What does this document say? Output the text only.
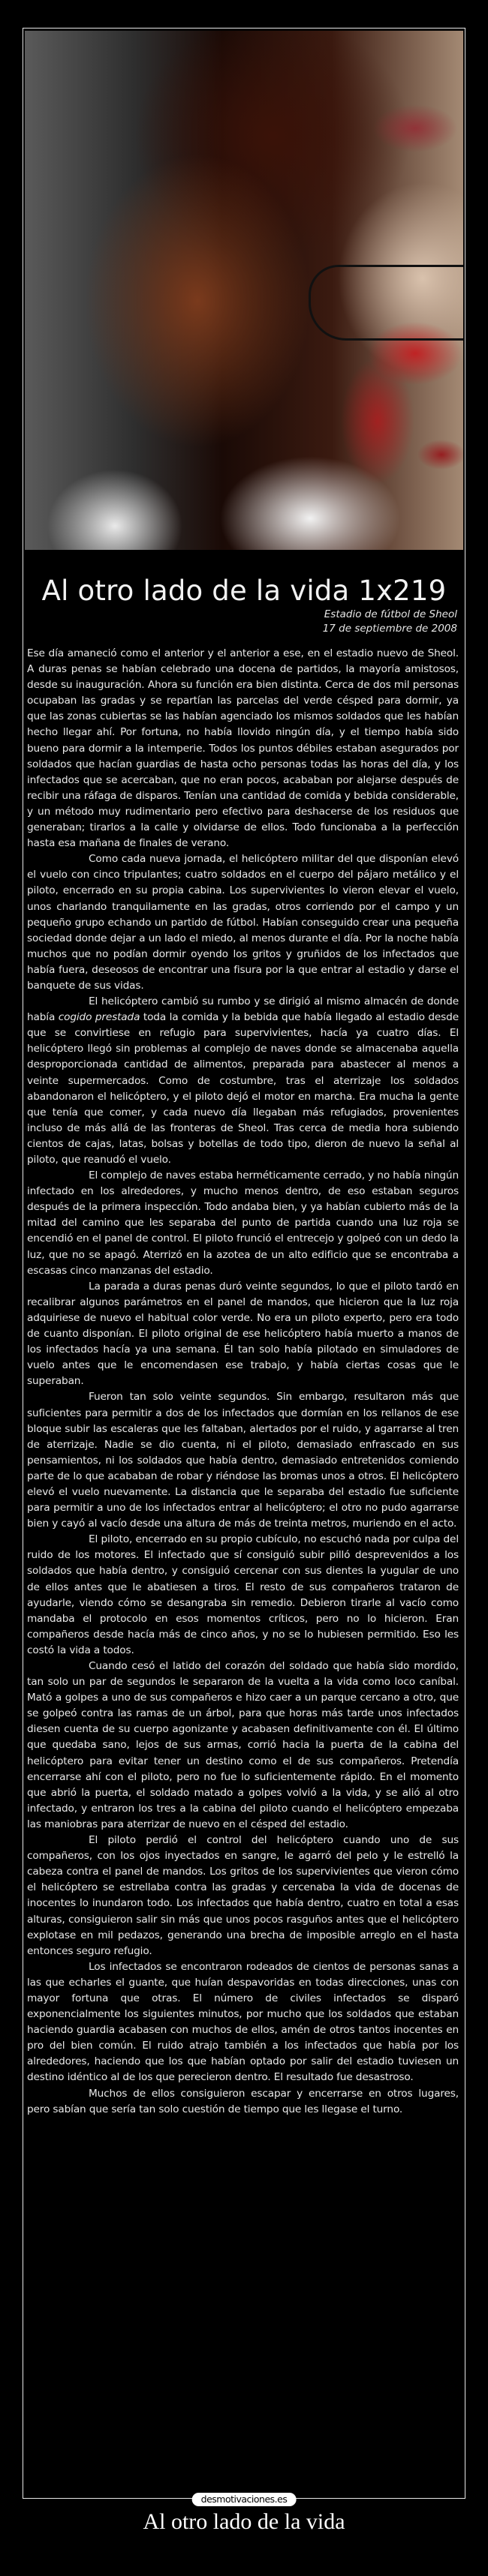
Al otro lado de la vida 1x219
Estadio de fútbol de Sheol
17 de septiembre de 2008

Ese día amaneció como el anterior y el anterior a ese, en el estadio nuevo de Sheol. A duras penas se habían celebrado una docena de partidos, la mayoría amistosos, desde su inauguración. Ahora su función era bien distinta. Cerca de dos mil personas ocupaban las gradas y se repartían las parcelas del verde césped para dormir, ya que las zonas cubiertas se las habían agenciado los mismos soldados que les habían hecho llegar ahí. Por fortuna, no había llovido ningún día, y el tiempo había sido bueno para dormir a la intemperie. Todos los puntos débiles estaban asegurados por soldados que hacían guardias de hasta ocho personas todas las horas del día, y los infectados que se acercaban, que no eran pocos, acababan por alejarse después de recibir una ráfaga de disparos. Tenían una cantidad de comida y bebida considerable, y un método muy rudimentario pero efectivo para deshacerse de los residuos que generaban; tirarlos a la calle y olvidarse de ellos. Todo funcionaba a la perfección hasta esa mañana de finales de verano.

Como cada nueva jornada, el helicóptero militar del que disponían elevó el vuelo con cinco tripulantes; cuatro soldados en el cuerpo del pájaro metálico y el piloto, encerrado en su propia cabina. Los supervivientes lo vieron elevar el vuelo, unos charlando tranquilamente en las gradas, otros corriendo por el campo y un pequeño grupo echando un partido de fútbol. Habían conseguido crear una pequeña sociedad donde dejar a un lado el miedo, al menos durante el día. Por la noche había muchos que no podían dormir oyendo los gritos y gruñidos de los infectados que había fuera, deseosos de encontrar una fisura por la que entrar al estadio y darse el banquete de sus vidas.

El helicóptero cambió su rumbo y se dirigió al mismo almacén de donde había cogido prestada toda la comida y la bebida que había llegado al estadio desde que se convirtiese en refugio para supervivientes, hacía ya cuatro días. El helicóptero llegó sin problemas al complejo de naves donde se almacenaba aquella desproporcionada cantidad de alimentos, preparada para abastecer al menos a veinte supermercados. Como de costumbre, tras el aterrizaje los soldados abandonaron el helicóptero, y el piloto dejó el motor en marcha. Era mucha la gente que tenía que comer, y cada nuevo día llegaban más refugiados, provenientes incluso de más allá de las fronteras de Sheol. Tras cerca de media hora subiendo cientos de cajas, latas, bolsas y botellas de todo tipo, dieron de nuevo la señal al piloto, que reanudó el vuelo.

El complejo de naves estaba herméticamente cerrado, y no había ningún infectado en los alrededores, y mucho menos dentro, de eso estaban seguros después de la primera inspección. Todo andaba bien, y ya habían cubierto más de la mitad del camino que les separaba del punto de partida cuando una luz roja se encendió en el panel de control. El piloto frunció el entrecejo y golpeó con un dedo la luz, que no se apagó. Aterrizó en la azotea de un alto edificio que se encontraba a escasas cinco manzanas del estadio.

La parada a duras penas duró veinte segundos, lo que el piloto tardó en recalibrar algunos parámetros en el panel de mandos, que hicieron que la luz roja adquiriese de nuevo el habitual color verde. No era un piloto experto, pero era todo de cuanto disponían. El piloto original de ese helicóptero había muerto a manos de los infectados hacía ya una semana. Él tan solo había pilotado en simuladores de vuelo antes que le encomendasen ese trabajo, y había ciertas cosas que le superaban.

Fueron tan solo veinte segundos. Sin embargo, resultaron más que suficientes para permitir a dos de los infectados que dormían en los rellanos de ese bloque subir las escaleras que les faltaban, alertados por el ruido, y agarrarse al tren de aterrizaje. Nadie se dio cuenta, ni el piloto, demasiado enfrascado en sus pensamientos, ni los soldados que había dentro, demasiado entretenidos comiendo parte de lo que acababan de robar y riéndose las bromas unos a otros. El helicóptero elevó el vuelo nuevamente. La distancia que le separaba del estadio fue suficiente para permitir a uno de los infectados entrar al helicóptero; el otro no pudo agarrarse bien y cayó al vacío desde una altura de más de treinta metros, muriendo en el acto.

El piloto, encerrado en su propio cubículo, no escuchó nada por culpa del ruido de los motores. El infectado que sí consiguió subir pilló desprevenidos a los soldados que había dentro, y consiguió cercenar con sus dientes la yugular de uno de ellos antes que le abatiesen a tiros. El resto de sus compañeros trataron de ayudarle, viendo cómo se desangraba sin remedio. Debieron tirarle al vacío como mandaba el protocolo en esos momentos críticos, pero no lo hicieron. Eran compañeros desde hacía más de cinco años, y no se lo hubiesen permitido. Eso les costó la vida a todos.

Cuando cesó el latido del corazón del soldado que había sido mordido, tan solo un par de segundos le separaron de la vuelta a la vida como loco caníbal. Mató a golpes a uno de sus compañeros e hizo caer a un parque cercano a otro, que se golpeó contra las ramas de un árbol, para que horas más tarde unos infectados diesen cuenta de su cuerpo agonizante y acabasen definitivamente con él. El último que quedaba sano, lejos de sus armas, corrió hacia la puerta de la cabina del helicóptero para evitar tener un destino como el de sus compañeros. Pretendía encerrarse ahí con el piloto, pero no fue lo suficientemente rápido. En el momento que abrió la puerta, el soldado matado a golpes volvió a la vida, y se alió al otro infectado, y entraron los tres a la cabina del piloto cuando el helicóptero empezaba las maniobras para aterrizar de nuevo en el césped del estadio.

El piloto perdió el control del helicóptero cuando uno de sus compañeros, con los ojos inyectados en sangre, le agarró del pelo y le estrelló la cabeza contra el panel de mandos. Los gritos de los supervivientes que vieron cómo el helicóptero se estrellaba contra las gradas y cercenaba la vida de docenas de inocentes lo inundaron todo. Los infectados que había dentro, cuatro en total a esas alturas, consiguieron salir sin más que unos pocos rasguños antes que el helicóptero explotase en mil pedazos, generando una brecha de imposible arreglo en el hasta entonces seguro refugio.

Los infectados se encontraron rodeados de cientos de personas sanas a las que echarles el guante, que huían despavoridas en todas direcciones, unas con mayor fortuna que otras. El número de civiles infectados se disparó exponencialmente los siguientes minutos, por mucho que los soldados que estaban haciendo guardia acabasen con muchos de ellos, amén de otros tantos inocentes en pro del bien común. El ruido atrajo también a los infectados que había por los alrededores, haciendo que los que habían optado por salir del estadio tuviesen un destino idéntico al de los que perecieron dentro. El resultado fue desastroso.

Muchos de ellos consiguieron escapar y encerrarse en otros lugares, pero sabían que sería tan solo cuestión de tiempo que les llegase el turno.

desmotivaciones.es
Al otro lado de la vida
